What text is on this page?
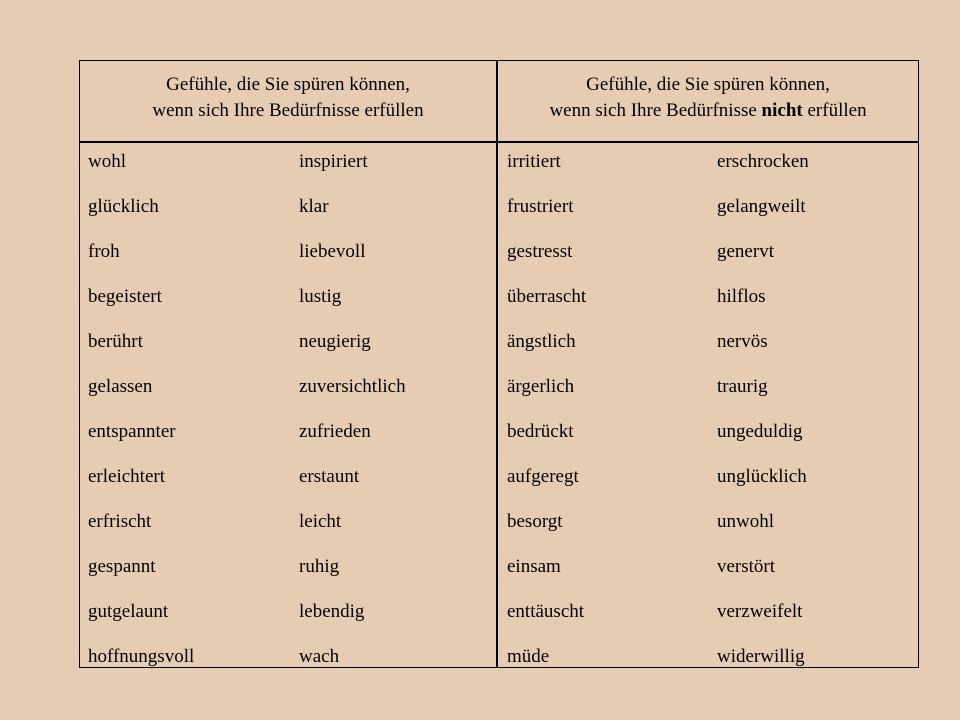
Gefühle, die Sie spüren können,
wenn sich Ihre Bedürfnisse erfüllen
Gefühle, die Sie spüren können,
wenn sich Ihre Bedürfnisse nicht erfüllen
wohl
glücklich
froh
begeistert
berührt
gelassen
entspannter
erleichtert
erfrischt
gespannt
gutgelaunt
hoffnungsvoll
inspiriert
klar
liebevoll
lustig
neugierig
zuversichtlich
zufrieden
erstaunt
leicht
ruhig
lebendig
wach
irritiert
frustriert
gestresst
überrascht
ängstlich
ärgerlich
bedrückt
aufgeregt
besorgt
einsam
enttäuscht
müde
erschrocken
gelangweilt
genervt
hilflos
nervös
traurig
ungeduldig
unglücklich
unwohl
verstört
verzweifelt
widerwillig
